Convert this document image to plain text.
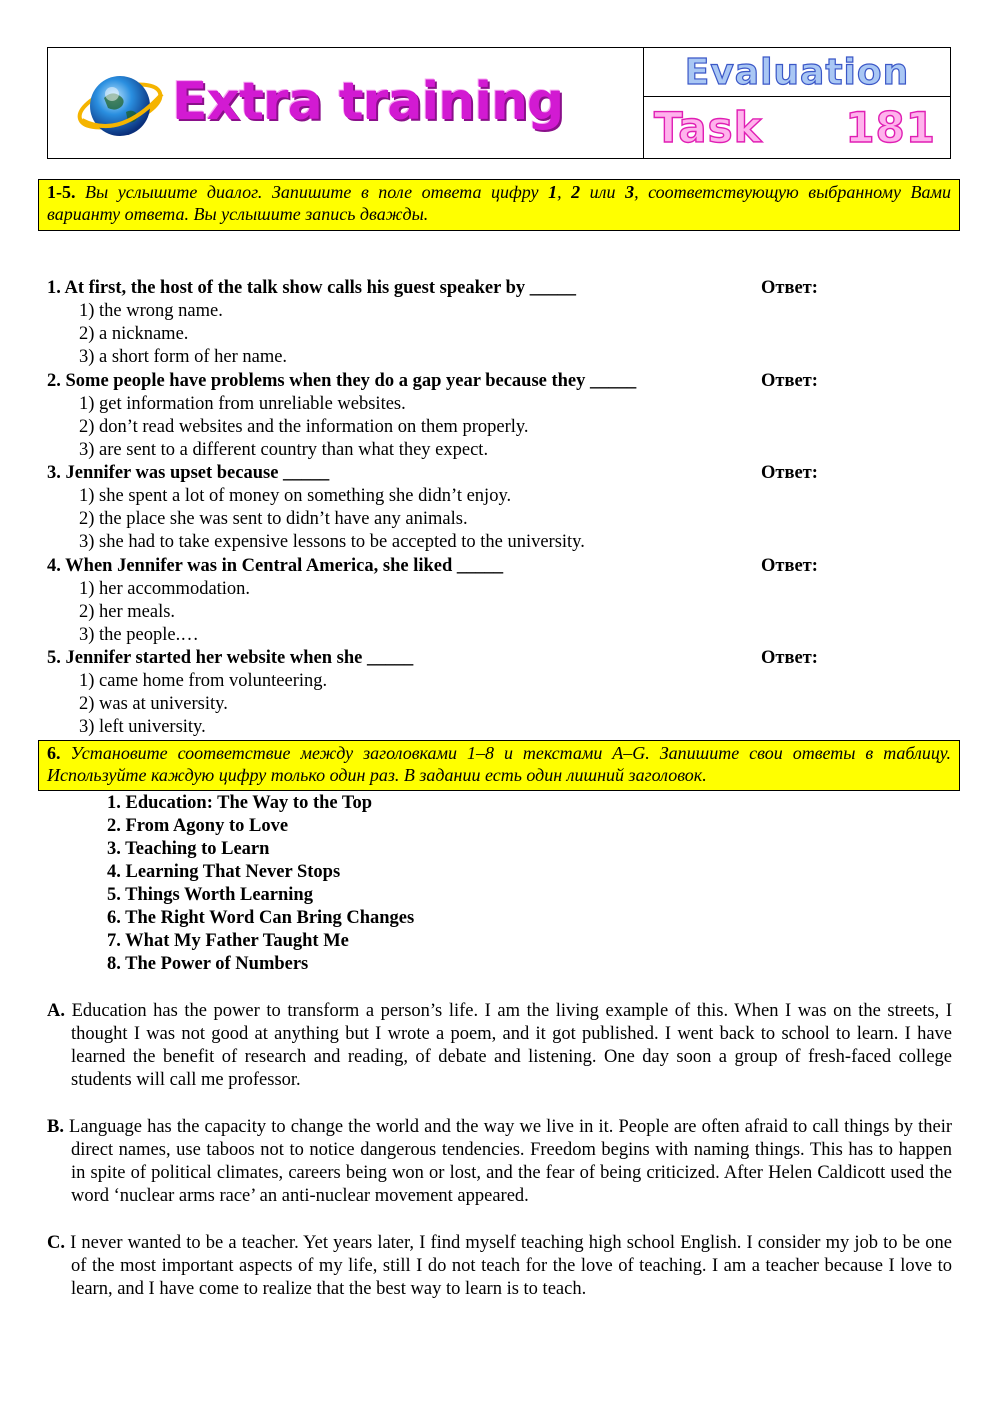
Extra training	Evaluation
Task 181
1-5. Вы услышите диалог. Запишите в поле ответа цифру 1, 2 или 3, соответствующую выбранному Вами варианту ответа. Вы услышите запись дважды.
1. At first, the host of the talk show calls his guest speaker by _____	Ответ:
1) the wrong name.
2) a nickname.
3) a short form of her name.
2. Some people have problems when they do a gap year because they _____	Ответ:
1) get information from unreliable websites.
2) don’t read websites and the information on them properly.
3) are sent to a different country than what they expect.
3. Jennifer was upset because _____	Ответ:
1) she spent a lot of money on something she didn’t enjoy.
2) the place she was sent to didn’t have any animals.
3) she had to take expensive lessons to be accepted to the university.
4. When Jennifer was in Central America, she liked _____	Ответ:
1) her accommodation.
2) her meals.
3) the people.…
5. Jennifer started her website when she _____	Ответ:
1) came home from volunteering.
2) was at university.
3) left university.
6. Установите соответствие между заголовками 1–8 и текстами A–G. Запишите свои ответы в таблицу. Используйте каждую цифру только один раз. В задании есть один лишний заголовок.
1. Education: The Way to the Top
2. From Agony to Love
3. Teaching to Learn
4. Learning That Never Stops
5. Things Worth Learning
6. The Right Word Can Bring Changes
7. What My Father Taught Me
8. The Power of Numbers
A. Education has the power to transform a person’s life. I am the living example of this. When I was on the streets, I thought I was not good at anything but I wrote a poem, and it got published. I went back to school to learn. I have learned the benefit of research and reading, of debate and listening. One day soon a group of fresh-faced college students will call me professor.
B. Language has the capacity to change the world and the way we live in it. People are often afraid to call things by their direct names, use taboos not to notice dangerous tendencies. Freedom begins with naming things. This has to happen in spite of political climates, careers being won or lost, and the fear of being criticized. After Helen Caldicott used the word ‘nuclear arms race’ an anti-nuclear movement appeared.
C. I never wanted to be a teacher. Yet years later, I find myself teaching high school English. I consider my job to be one of the most important aspects of my life, still I do not teach for the love of teaching. I am a teacher because I love to learn, and I have come to realize that the best way to learn is to teach.
